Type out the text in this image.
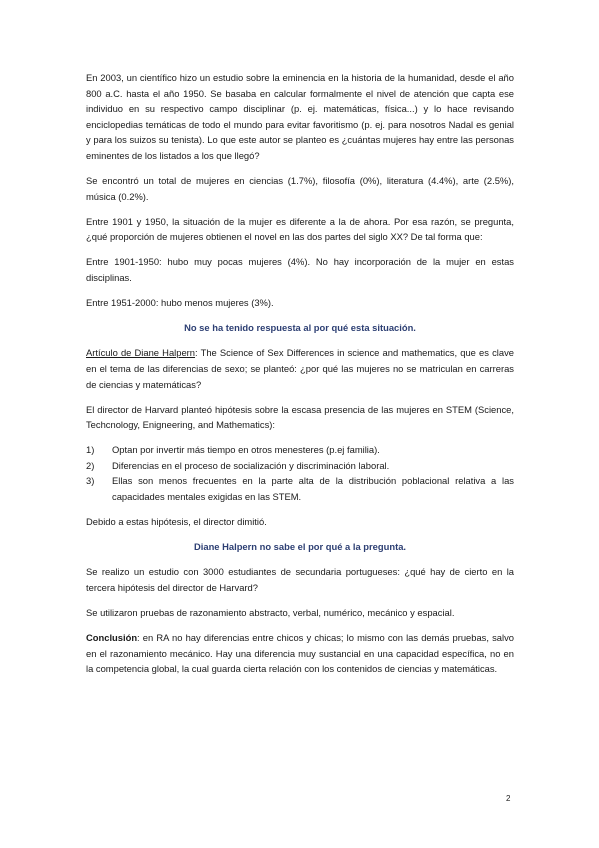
En 2003, un científico hizo un estudio sobre la eminencia en la historia de la humanidad, desde el año 800 a.C. hasta el año 1950. Se basaba en calcular formalmente el nivel de atención que capta ese individuo en su respectivo campo disciplinar (p. ej. matemáticas, física...) y lo hace revisando enciclopedias temáticas de todo el mundo para evitar favoritismo (p. ej. para nosotros Nadal es genial y para los suizos su tenista). Lo que este autor se planteo es ¿cuántas mujeres hay entre las personas eminentes de los listados a los que llegó?

Se encontró un total de mujeres en ciencias (1.7%), filosofía (0%), literatura (4.4%), arte (2.5%), música (0.2%).

Entre 1901 y 1950, la situación de la mujer es diferente a la de ahora. Por esa razón, se pregunta, ¿qué proporción de mujeres obtienen el novel en las dos partes del siglo XX? De tal forma que:

Entre 1901-1950: hubo muy pocas mujeres (4%). No hay incorporación de la mujer en estas disciplinas.

Entre 1951-2000: hubo menos mujeres (3%).

No se ha tenido respuesta al por qué esta situación.

Artículo de Diane Halpern: The Science of Sex Differences in science and mathematics, que es clave en el tema de las diferencias de sexo; se planteó: ¿por qué las mujeres no se matriculan en carreras de ciencias y matemáticas?

El director de Harvard planteó hipótesis sobre la escasa presencia de las mujeres en STEM (Science, Techcnology, Enigneering, and Mathematics):

1)	Optan por invertir más tiempo en otros menesteres (p.ej familia).
2)	Diferencias en el proceso de socialización y discriminación laboral.
3)	Ellas son menos frecuentes en la parte alta de la distribución poblacional relativa a las capacidades mentales exigidas en las STEM.

Debido a estas hipótesis, el director dimitió.

Diane Halpern no sabe el por qué a la pregunta.

Se realizo un estudio con 3000 estudiantes de secundaria portugueses: ¿qué hay de cierto en la tercera hipótesis del director de Harvard?

Se utilizaron pruebas de razonamiento abstracto, verbal, numérico, mecánico y espacial.

Conclusión: en RA no hay diferencias entre chicos y chicas; lo mismo con las demás pruebas, salvo en el razonamiento mecánico. Hay una diferencia muy sustancial en una capacidad específica, no en la competencia global, la cual guarda cierta relación con los contenidos de ciencias y matemáticas.

2
